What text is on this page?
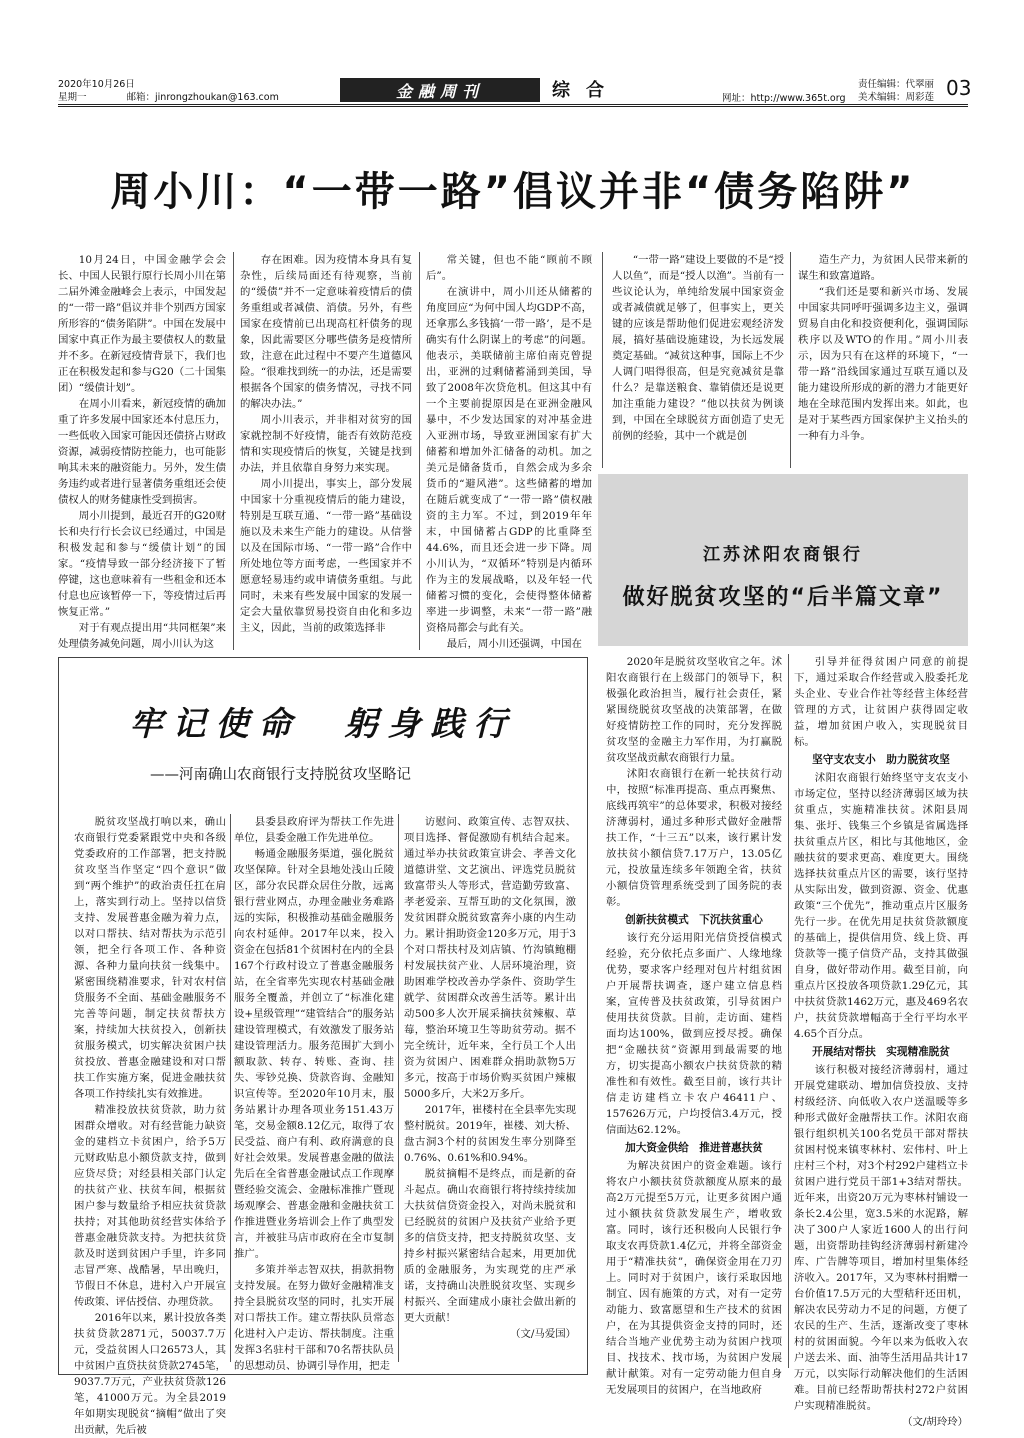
2020年10月26日
星期一	邮箱：jinrongzhoukan@163.com	金融周刊	综合	网址：http://www.365t.org
责任编辑：代翠丽
美术编辑：周彩莲 03
周小川：“一带一路”倡议并非“债务陷阱”

10月24日，中国金融学会会长、中国人民银行原行长周小川在第二届外滩金融峰会上表示，中国发起的“一带一路”倡议并非个别西方国家所形容的“债务陷阱”。中国在发展中国家中真正作为最主要债权人的数量并不多。在新冠疫情背景下，我们也正在积极发起和参与G20（二十国集团）“缓债计划”。

在周小川看来，新冠疫情的确加重了许多发展中国家还本付息压力，一些低收入国家可能因还债挤占财政资源，减弱疫情防控能力，也可能影响其未来的融资能力。另外，发生债务违约或者进行显著债务重组还会使债权人的财务健康性受到损害。

周小川提到，最近召开的G20财长和央行行长会议已经通过，中国是积极发起和参与“缓债计划”的国家。“疫情导致一部分经济接下了暂停键，这也意味着有一些租金和还本付息也应该暂停一下，等疫情过后再恢复正常。”

对于有观点提出用“共同框架”来处理债务减免问题，周小川认为这

存在困难。因为疫情本身具有复杂性，后续局面还有待观察，当前的“缓债”并不一定意味着疫情后的债务重组或者减债、消债。另外，有些国家在疫情前已出现高杠杆债务的现象，因此需要区分哪些债务是疫情所致，注意在此过程中不要产生道德风险。“很难找到统一的办法，还是需要根据各个国家的债务情况，寻找不同的解决办法。”

周小川表示，并非相对贫穷的国家就控制不好疫情，能否有效防范疫情和实现疫情后的恢复，关键是找到办法，并且依靠自身努力来实现。

周小川提出，事实上，部分发展中国家十分重视疫情后的能力建设，特别是互联互通、“一带一路”基础设施以及未来生产能力的建设。从信誉以及在国际市场、“一带一路”合作中所处地位等方面考虑，一些国家并不愿意轻易违约或申请债务重组。与此同时，未来有些发展中国家的发展一定会大量依靠贸易投资自由化和多边主义，因此，当前的政策选择非

常关键，但也不能“顾前不顾后”。

在演讲中，周小川还从储蓄的角度回应“为何中国人均GDP不高，还拿那么多钱搞‘一带一路’，是不是确实有什么阴谋上的考虑”的问题。他表示，美联储前主席伯南克曾提出，亚洲的过剩储蓄涌到美国，导致了2008年次贷危机。但这其中有一个主要前提原因是在亚洲金融风暴中，不少发达国家的对冲基金进入亚洲市场，导致亚洲国家有扩大储蓄和增加外汇储备的动机。加之美元是储备货币，自然会成为多余货币的“避风港”。这些储蓄的增加在随后就变成了“一带一路”债权融资的主力军。不过，到2019年年末，中国储蓄占GDP的比重降至44.6%，而且还会进一步下降。周小川认为，“双循环”特别是内循环作为主的发展战略，以及年轻一代储蓄习惯的变化，会使得整体储蓄率进一步调整，未来“一带一路”融资格局都会与此有关。

最后，周小川还强调，中国在

“一带一路”建设上要做的不是“授人以鱼”，而是“授人以渔”。当前有一些议论认为，单纯给发展中国家资金或者减债就足够了，但事实上，更关键的应该是帮助他们促进宏观经济发展，搞好基础设施建设，为长远发展奠定基础。“减贫这种事，国际上不少人调门唱得很高，但是究竟减贫是靠什么？是靠送粮食、靠销债还是说更加注重能力建设？”他以扶贫为例谈到，中国在全球脱贫方面创造了史无前例的经验，其中一个就是创

造生产力，为贫困人民带来新的谋生和致富道路。

“我们还是要和新兴市场、发展中国家共同呼吁强调多边主义，强调贸易自由化和投资便利化，强调国际秩序以及WTO的作用。”周小川表示，因为只有在这样的环境下，“一带一路”沿线国家通过互联互通以及能力建设所形成的新的潜力才能更好地在全球范围内发挥出来。如此，也是对于某些西方国家保护主义抬头的一种有力斗争。

江苏沭阳农商银行
做好脱贫攻坚的“后半篇文章”

2020年是脱贫攻坚收官之年。沭阳农商银行在上级部门的领导下，积极强化政治担当，履行社会责任，紧紧围绕脱贫攻坚战的决策部署，在做好疫情防控工作的同时，充分发挥脱贫攻坚的金融主力军作用，为打赢脱贫攻坚战贡献农商银行力量。

沭阳农商银行在新一轮扶贫行动中，按照“标准再提高、重点再聚焦、底线再筑牢”的总体要求，积极对接经济薄弱村，通过多种形式做好金融帮扶工作，“十三五”以来，该行累计发放扶贫小额信贷7.17万户，13.05亿元，投放量连续多年领跑全省，扶贫小额信贷管理系统受到了国务院的表彰。

创新扶贫模式　下沉扶贫重心

该行充分运用阳光信贷授信模式经验，充分依托点多面广、人缘地缘优势，要求客户经理对包片村组贫困户开展帮扶调查，逐户建立信息档案，宣传普及扶贫政策，引导贫困户使用扶贫贷款。目前，走访面、建档面均达100%，做到应授尽授。确保把“金融扶贫”资源用到最需要的地方，切实提高小额农户扶贫贷款的精准性和有效性。截至目前，该行共计信走访建档立卡农户46411户、157626万元，户均授信3.4万元，授信面达62.12%。

加大资金供给　推进普惠扶贫

为解决贫困户的资金难题。该行将农户小额扶贫贷款额度从原来的最高2万元提至5万元，让更多贫困户通过小额扶贫贷款发展生产，增收致富。同时，该行还积极向人民银行争取支农再贷款1.4亿元，并将全部资金用于“精准扶贫”，确保资金用在刀刃上。同时对于贫困户，该行采取因地制宜、因有施策的方式，对有一定劳动能力、致富愿望和生产技术的贫困户，在为其提供资金支持的同时，还结合当地产业优势主动为贫困户找项目、找技术、找市场，为贫困户发展献计献策。对有一定劳动能力但自身无发展项目的贫困户，在当地政府

引导并征得贫困户同意的前提下，通过采取合作经营或入股委托龙头企业、专业合作社等经营主体经营管理的方式，让贫困户获得固定收益，增加贫困户收入，实现脱贫目标。

坚守支农支小　助力脱贫攻坚

沭阳农商银行始终坚守支农支小市场定位，坚持以经济薄弱区域为扶贫重点，实施精准扶贫。沭阳县周集、张圩、钱集三个乡镇是省属选择扶贫重点片区，相比与其他地区，金融扶贫的要求更高、难度更大。围绕选择扶贫重点片区的需要，该行坚持从实际出发，做到资源、资金、优惠政策“三个优先”，推动重点片区服务先行一步。在优先用足扶贫贷款额度的基础上，提供信用贷、线上贷、再贷款等一揽子信贷产品，支持其做强自身，做好带动作用。截至目前，向重点片区投放各项贷款1.29亿元，其中扶贫贷款1462万元，惠及469名农户，扶贫贷款增幅高于全行平均水平4.65个百分点。

开展结对帮扶　实现精准脱贫

该行积极对接经济薄弱村，通过开展党建联动、增加信贷投放、支持村级经济、向低收入农户送温暖等多种形式做好金融帮扶工作。沭阳农商银行组织机关100名党员干部对帮扶贫困村悦来镇枣林村、宏伟村、叶上庄村三个村，对3个村292户建档立卡贫困户进行党员干部1+3结对帮扶。近年来，出资20万元为枣林村铺设一条长2.4公里，宽3.5米的水泥路，解决了300户人家近1600人的出行问题，出资帮助挂钩经济薄弱村新建冷库、广告牌等项目，增加村里集体经济收入。2017年，又为枣林村捐赠一台价值17.5万元的大型秸秆还田机，解决农民劳动力不足的问题，方便了农民的生产、生活，逐渐改变了枣林村的贫困面貌。今年以来为低收入农户送去米、面、油等生活用品共计17万元，以实际行动解决他们的生活困难。目前已经帮助帮扶村272户贫困户实现精准脱贫。

（文/胡玲玲）

牢记使命　躬身践行
——河南确山农商银行支持脱贫攻坚略记

脱贫攻坚战打响以来，确山农商银行党委紧跟党中央和各级党委政府的工作部署，把支持脱贫攻坚当作坚定“四个意识”做到“两个维护”的政治责任扛在肩上，落实到行动上。坚持以信贷支持、发展普惠金融为着力点，以对口帮扶、结对帮扶为示范引领，把全行各项工作、各种资源、各种力量向扶贫一线集中。紧密围绕精准要求，针对农村信贷服务不全面、基础金融服务不完善等问题，制定扶贫帮扶方案，持续加大扶贫投入，创新扶贫服务模式，切实解决贫困户扶贫投放、普惠金融建设和对口帮扶工作实施方案，促进金融扶贫各项工作持续扎实有效推进。

精准投放扶贫贷款，助力贫困群众增收。对有经营能力缺资金的建档立卡贫困户，给予5万元财政贴息小额贷款支持，做到应贷尽贷；对经县相关部门认定的扶贫产业、扶贫车间，根据贫困户参与数量给予相应扶贫贷款扶持；对其他助贫经营实体给予普惠金融贷款支持。为把扶贫贷款及时送到贫困户手里，许多同志冒严寒、战酷暑，早出晚归，节假日不休息，进村入户开展宣传政策、评估授信、办理贷款。

2016年以来，累计投放各类扶贫贷款2871元，50037.7万元，受益贫困人口26573人，其中贫困户直贷扶贫贷款2745笔，9037.7万元，产业扶贫贷款126笔，41000万元。为全县2019年如期实现脱贫“摘帽”做出了突出贡献，先后被

县委县政府评为帮扶工作先进单位，县委金融工作先进单位。

畅通金融服务渠道，强化脱贫攻坚保障。针对全县地处浅山丘陵区，部分农民群众居住分散，远离银行营业网点，办理金融业务难路远的实际，积极推动基础金融服务向农村延伸。2017年以来，投入资金在包括81个贫困村在内的全县167个行政村设立了普惠金融服务站，在全省率先实现农村基础金融服务全覆盖，并创立了“标准化建设+星级管理”“建管结合”的服务站建设管理模式，有效激发了服务站建设管理活力。服务范围扩大到小额取款、转存、转账、查询、挂失、零钞兑换、贷款咨询、金融知识宣传等。至2020年10月末，服务站累计办理各项业务151.43万笔，交易金额8.12亿元，取得了农民受益、商户有利、政府满意的良好社会效果。发展普惠金融的做法先后在全省普惠金融试点工作现摩暨经验交流会、金融标准推广暨现场观摩会、普惠金融和金融扶贫工作推进暨业务培训会上作了典型发言，并被驻马店市政府在全市复制推广。

多策并举志智双扶，捐款捐物支持发展。在努力做好金融精准支持全县脱贫攻坚的同时，扎实开展对口帮扶工作。建立帮扶队员常态化进村入户走访、帮扶制度。注重发挥3名驻村干部和70名帮扶队员的思想动员、协调引导作用，把走

访慰问、政策宣传、志智双扶、项目选择、督促激励有机结合起来。通过举办扶贫政策宣讲会、孝善文化道德讲堂、文艺演出、评选党员脱贫致富带头人等形式，营造勤劳致富、孝老爱亲、互帮互助的文化氛围，激发贫困群众脱贫致富奔小康的内生动力。累计捐助资金120多万元，用于3个对口帮扶村及刘店镇、竹沟镇鲍棚村发展扶贫产业、人居环境治理，资助困难学校改善办学条件、资助学生就学、贫困群众改善生活等。累计出动500多人次开展采摘扶贫辣椒、草莓，整治环境卫生等助贫劳动。据不完全统计，近年来，全行员工个人出资为贫困户、困难群众捐助款物5万多元，按高于市场价购买贫困户辣椒5000多斤，大米2万多斤。

2017年，崔楼村在全县率先实现整村脱贫。2019年，崔楼、刘大桥、盘古洞3个村的贫困发生率分别降至0.76%、0.61%和0.94%。

脱贫摘帽不是终点，而是新的奋斗起点。确山农商银行将持续持续加大扶贫信贷资金投入，对尚未脱贫和已经脱贫的贫困户及扶贫产业给予更多的信贷支持，把支持脱贫攻坚、支持乡村振兴紧密结合起来，用更加优质的金融服务，为实现党的庄严承诺，支持确山决胜脱贫攻坚、实现乡村振兴、全面建成小康社会做出新的更大贡献！

（文/马爱国）
